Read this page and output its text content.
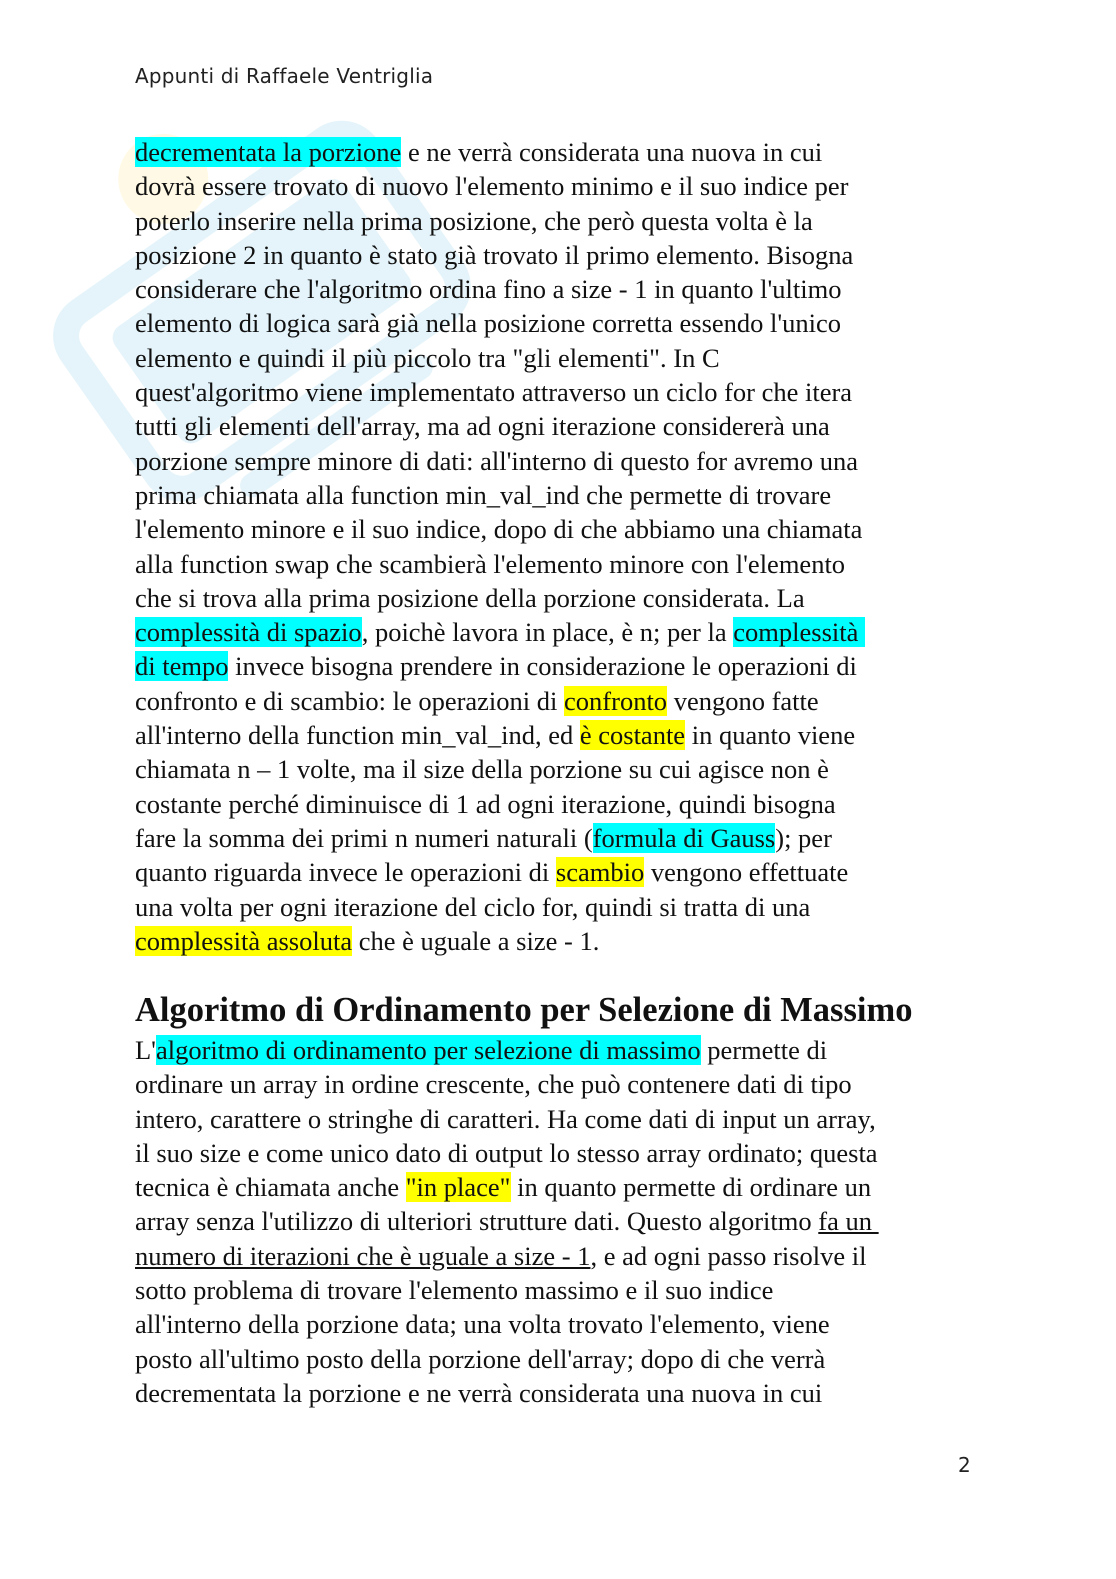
Appunti di Raffaele Ventriglia
decrementata la porzione e ne verrà considerata una nuova in cui
dovrà essere trovato di nuovo l'elemento minimo e il suo indice per
poterlo inserire nella prima posizione, che però questa volta è la
posizione 2 in quanto è stato già trovato il primo elemento. Bisogna
considerare che l'algoritmo ordina fino a size - 1 in quanto l'ultimo
elemento di logica sarà già nella posizione corretta essendo l'unico
elemento e quindi il più piccolo tra "gli elementi". In C
quest'algoritmo viene implementato attraverso un ciclo for che itera
tutti gli elementi dell'array, ma ad ogni iterazione considererà una
porzione sempre minore di dati: all'interno di questo for avremo una
prima chiamata alla function min_val_ind che permette di trovare
l'elemento minore e il suo indice, dopo di che abbiamo una chiamata
alla function swap che scambierà l'elemento minore con l'elemento
che si trova alla prima posizione della porzione considerata. La
complessità di spazio, poichè lavora in place, è n; per la complessità
di tempo invece bisogna prendere in considerazione le operazioni di
confronto e di scambio: le operazioni di confronto vengono fatte
all'interno della function min_val_ind, ed è costante in quanto viene
chiamata n – 1 volte, ma il size della porzione su cui agisce non è
costante perché diminuisce di 1 ad ogni iterazione, quindi bisogna
fare la somma dei primi n numeri naturali (formula di Gauss); per
quanto riguarda invece le operazioni di scambio vengono effettuate
una volta per ogni iterazione del ciclo for, quindi si tratta di una
complessità assoluta che è uguale a size - 1.
Algoritmo di Ordinamento per Selezione di Massimo
L'algoritmo di ordinamento per selezione di massimo permette di
ordinare un array in ordine crescente, che può contenere dati di tipo
intero, carattere o stringhe di caratteri. Ha come dati di input un array,
il suo size e come unico dato di output lo stesso array ordinato; questa
tecnica è chiamata anche "in place" in quanto permette di ordinare un
array senza l'utilizzo di ulteriori strutture dati. Questo algoritmo fa un
numero di iterazioni che è uguale a size - 1, e ad ogni passo risolve il
sotto problema di trovare l'elemento massimo e il suo indice
all'interno della porzione data; una volta trovato l'elemento, viene
posto all'ultimo posto della porzione dell'array; dopo di che verrà
decrementata la porzione e ne verrà considerata una nuova in cui
2
